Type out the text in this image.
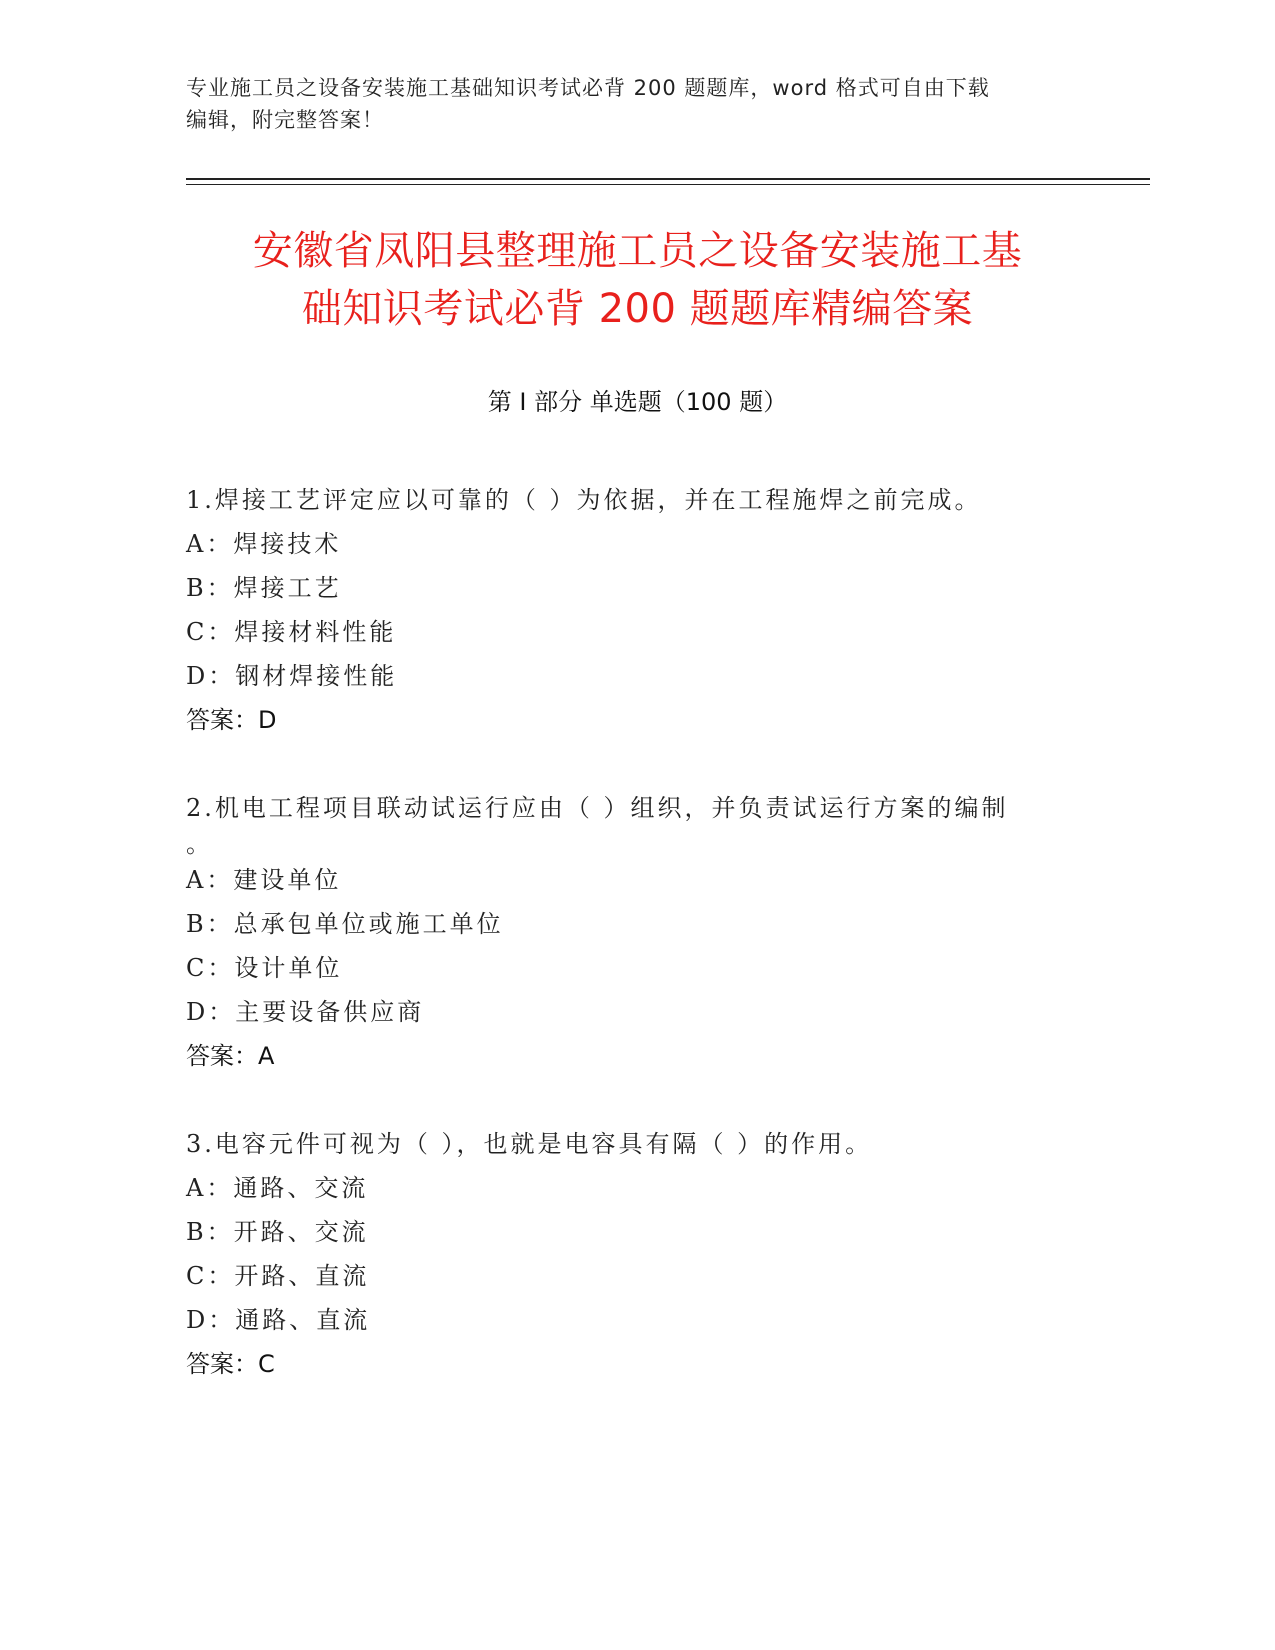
专业施工员之设备安装施工基础知识考试必背 200 题题库，word 格式可自由下载
编辑，附完整答案！
安徽省凤阳县整理施工员之设备安装施工基
础知识考试必背 200 题题库精编答案
第 I 部分 单选题（100 题）

1.焊接工艺评定应以可靠的（ ）为依据，并在工程施焊之前完成。

A：焊接技术

B：焊接工艺

C：焊接材料性能

D：钢材焊接性能

答案：D

2.机电工程项目联动试运行应由（ ）组织，并负责试运行方案的编制

。

A：建设单位

B：总承包单位或施工单位

C：设计单位

D：主要设备供应商

答案：A

3.电容元件可视为（ ），也就是电容具有隔（ ）的作用。

A：通路、交流

B：开路、交流

C：开路、直流

D：通路、直流

答案：C
